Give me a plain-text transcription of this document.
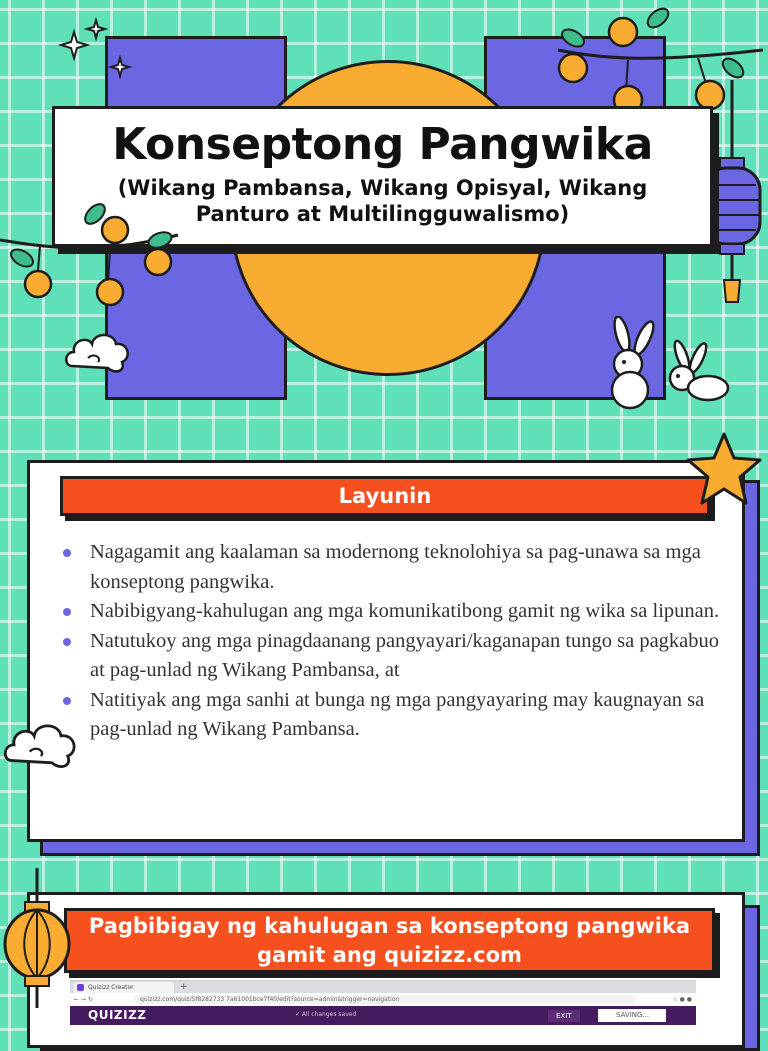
Konseptong Pangwika
(Wikang Pambansa, Wikang Opisyal, Wikang Panturo at Multilingguwalismo)
Layunin
Nagagamit ang kaalaman sa modernong teknolohiya sa pag-unawa sa mga konseptong pangwika.
Nabibigyang-kahulugan ang mga komunikatibong gamit ng wika sa lipunan.
Natutukoy ang mga pinagdaanang pangyayari/kaganapan tungo sa pagkabuo at pag-unlad ng Wikang Pambansa, at
Natitiyak ang mga sanhi at bunga ng mga pangyayaring may kaugnayan sa pag-unlad ng Wikang Pambansa.
Pagbibigay ng kahulugan sa konseptong pangwika
gamit ang quizizz.com
Quizizz Creator	+
← → ↻	quizizz.com/quiz/5f8282733 7a61001bce7f40/edit?source=admin&trigger=navigation	☆ ● ●
QUIZIZZ	✓ All changes saved	EXIT	SAVING...
